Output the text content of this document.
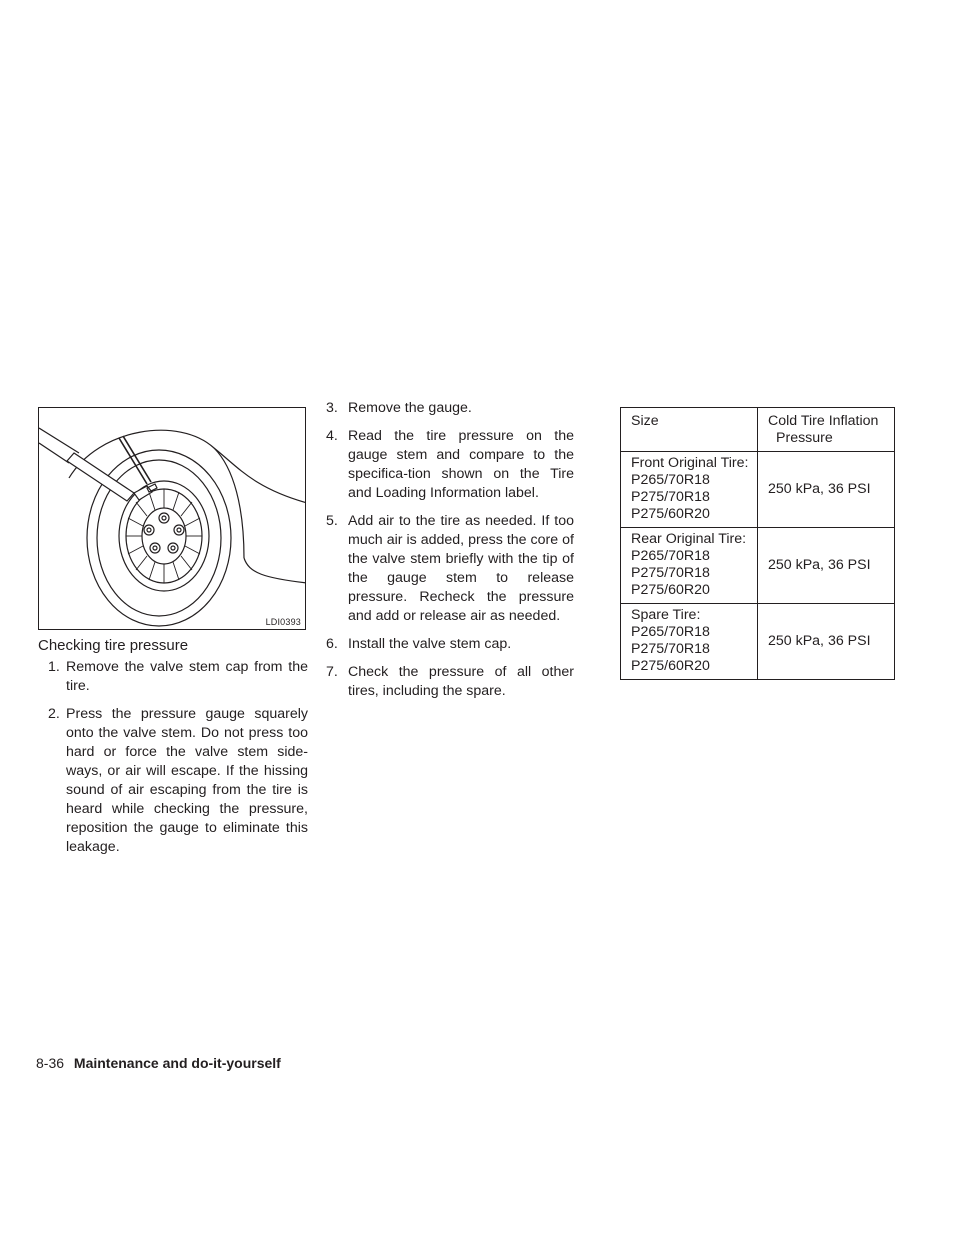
LDI0393
Checking tire pressure
1. Remove the valve stem cap from the tire.
2. Press the pressure gauge squarely onto the valve stem. Do not press too hard or force the valve stem side-ways, or air will escape. If the hissing sound of air escaping from the tire is heard while checking the pressure, reposition the gauge to eliminate this leakage.
3. Remove the gauge.
4. Read the tire pressure on the gauge stem and compare to the specifica-tion shown on the Tire and Loading Information label.
5. Add air to the tire as needed. If too much air is added, press the core of the valve stem briefly with the tip of the gauge stem to release pressure. Recheck the pressure and add or release air as needed.
6. Install the valve stem cap.
7. Check the pressure of all other tires, including the spare.
Size	Cold Tire Inflation
Pressure

Front Original Tire:
P265/70R18
P275/70R18
P275/60R20	250 kPa, 36 PSI

Rear Original Tire:
P265/70R18
P275/70R18
P275/60R20	250 kPa, 36 PSI

Spare Tire:
P265/70R18
P275/70R18
P275/60R20	250 kPa, 36 PSI
8-36 Maintenance and do-it-yourself
